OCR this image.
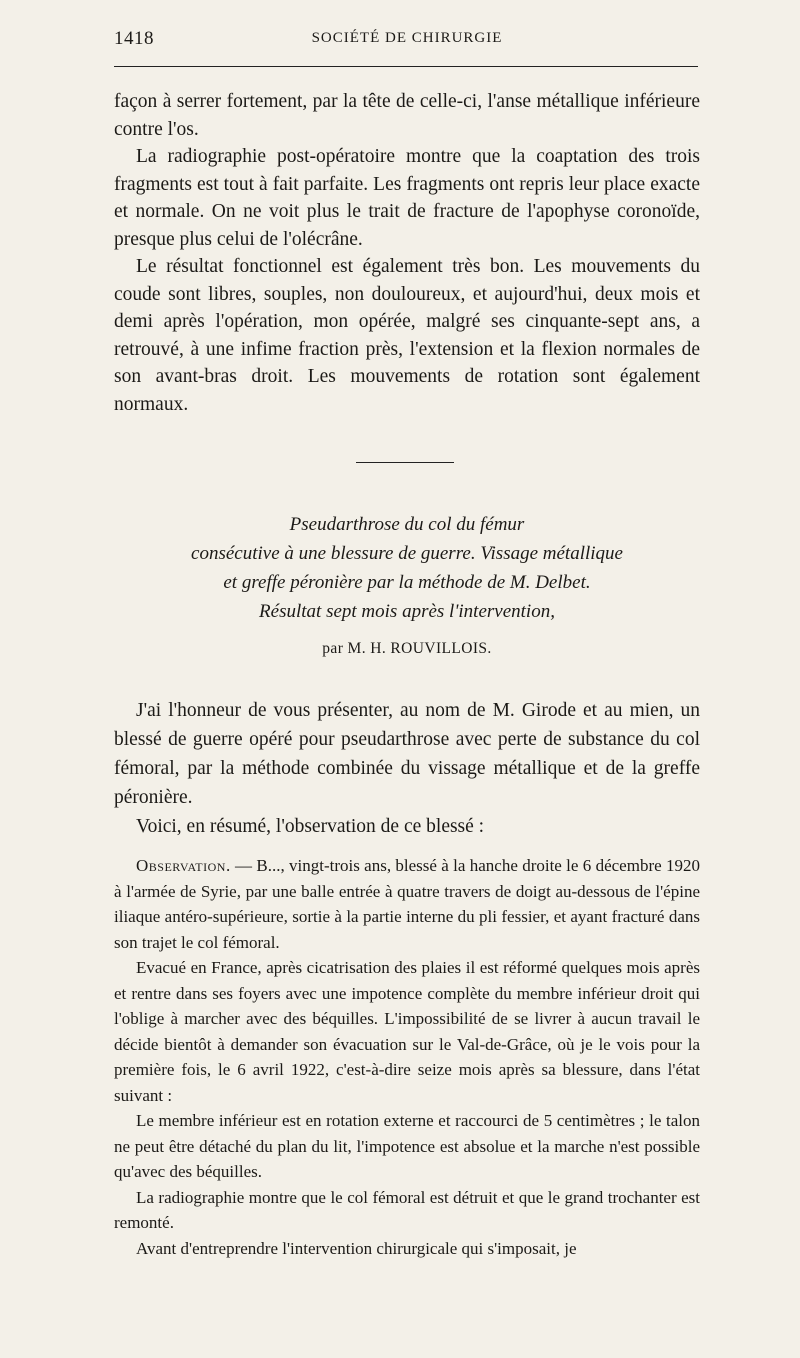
1418	SOCIÉTÉ DE CHIRURGIE

façon à serrer fortement, par la tête de celle-ci, l'anse métallique inférieure contre l'os.

La radiographie post-opératoire montre que la coaptation des trois fragments est tout à fait parfaite. Les fragments ont repris leur place exacte et normale. On ne voit plus le trait de fracture de l'apophyse coronoïde, presque plus celui de l'olécrâne.

Le résultat fonctionnel est également très bon. Les mouvements du coude sont libres, souples, non douloureux, et aujourd'hui, deux mois et demi après l'opération, mon opérée, malgré ses cinquante-sept ans, a retrouvé, à une infime fraction près, l'extension et la flexion normales de son avant-bras droit. Les mouvements de rotation sont également normaux.

Pseudarthrose du col du fémur
consécutive à une blessure de guerre. Vissage métallique
et greffe péronière par la méthode de M. Delbet.
Résultat sept mois après l'intervention,
par M. H. ROUVILLOIS.

J'ai l'honneur de vous présenter, au nom de M. Girode et au mien, un blessé de guerre opéré pour pseudarthrose avec perte de substance du col fémoral, par la méthode combinée du vissage métallique et de la greffe péronière.

Voici, en résumé, l'observation de ce blessé :

Observation. — B..., vingt-trois ans, blessé à la hanche droite le 6 décembre 1920 à l'armée de Syrie, par une balle entrée à quatre travers de doigt au-dessous de l'épine iliaque antéro-supérieure, sortie à la partie interne du pli fessier, et ayant fracturé dans son trajet le col fémoral.

Evacué en France, après cicatrisation des plaies il est réformé quelques mois après et rentre dans ses foyers avec une impotence complète du membre inférieur droit qui l'oblige à marcher avec des béquilles. L'impossibilité de se livrer à aucun travail le décide bientôt à demander son évacuation sur le Val-de-Grâce, où je le vois pour la première fois, le 6 avril 1922, c'est-à-dire seize mois après sa blessure, dans l'état suivant :

Le membre inférieur est en rotation externe et raccourci de 5 centimètres ; le talon ne peut être détaché du plan du lit, l'impotence est absolue et la marche n'est possible qu'avec des béquilles.

La radiographie montre que le col fémoral est détruit et que le grand trochanter est remonté.

Avant d'entreprendre l'intervention chirurgicale qui s'imposait, je
